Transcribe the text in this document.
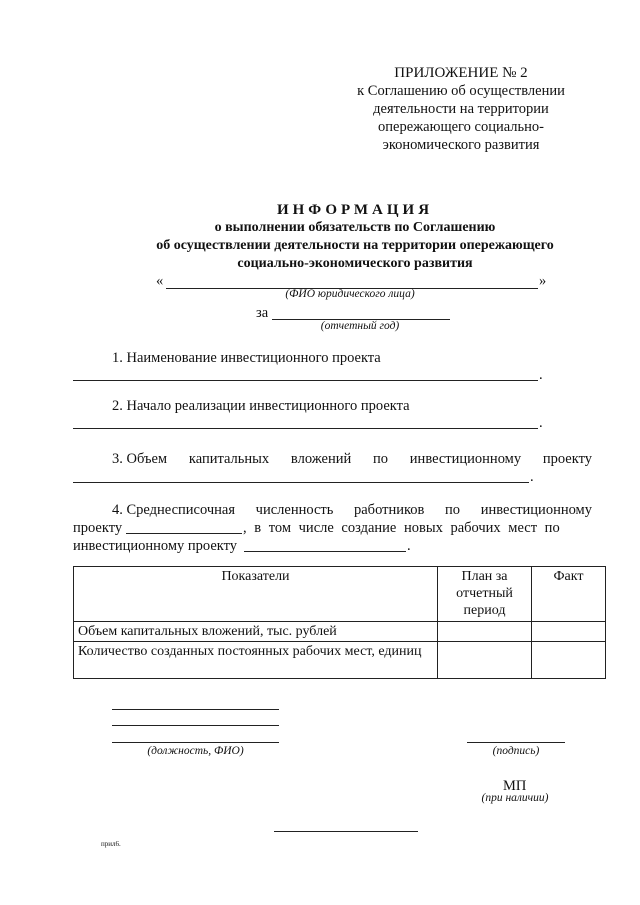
ПРИЛОЖЕНИЕ № 2
к Соглашению об осуществлении
деятельности на территории
опережающего социально-
экономического развития
ИНФОРМАЦИЯ
о выполнении обязательств по Соглашению
об осуществлении деятельности на территории опережающего
социально-экономического развития
«	»
(ФИО юридического лица)
за
(отчетный год)
1. Наименование инвестиционного проекта
.
2. Начало реализации инвестиционного проекта
.
3. Объем капитальных вложений по инвестиционному проекту
.
4. Среднесписочная численность работников по инвестиционному
проекту	, в том числе создание новых рабочих мест по
инвестиционному проекту	.
Показатели	План за отчетный период	Факт
Объем капитальных вложений, тыс. рублей		
Количество созданных постоянных рабочих мест, единиц		
(должность, ФИО)	(подпись)
МП
(при наличии)
прил6.
